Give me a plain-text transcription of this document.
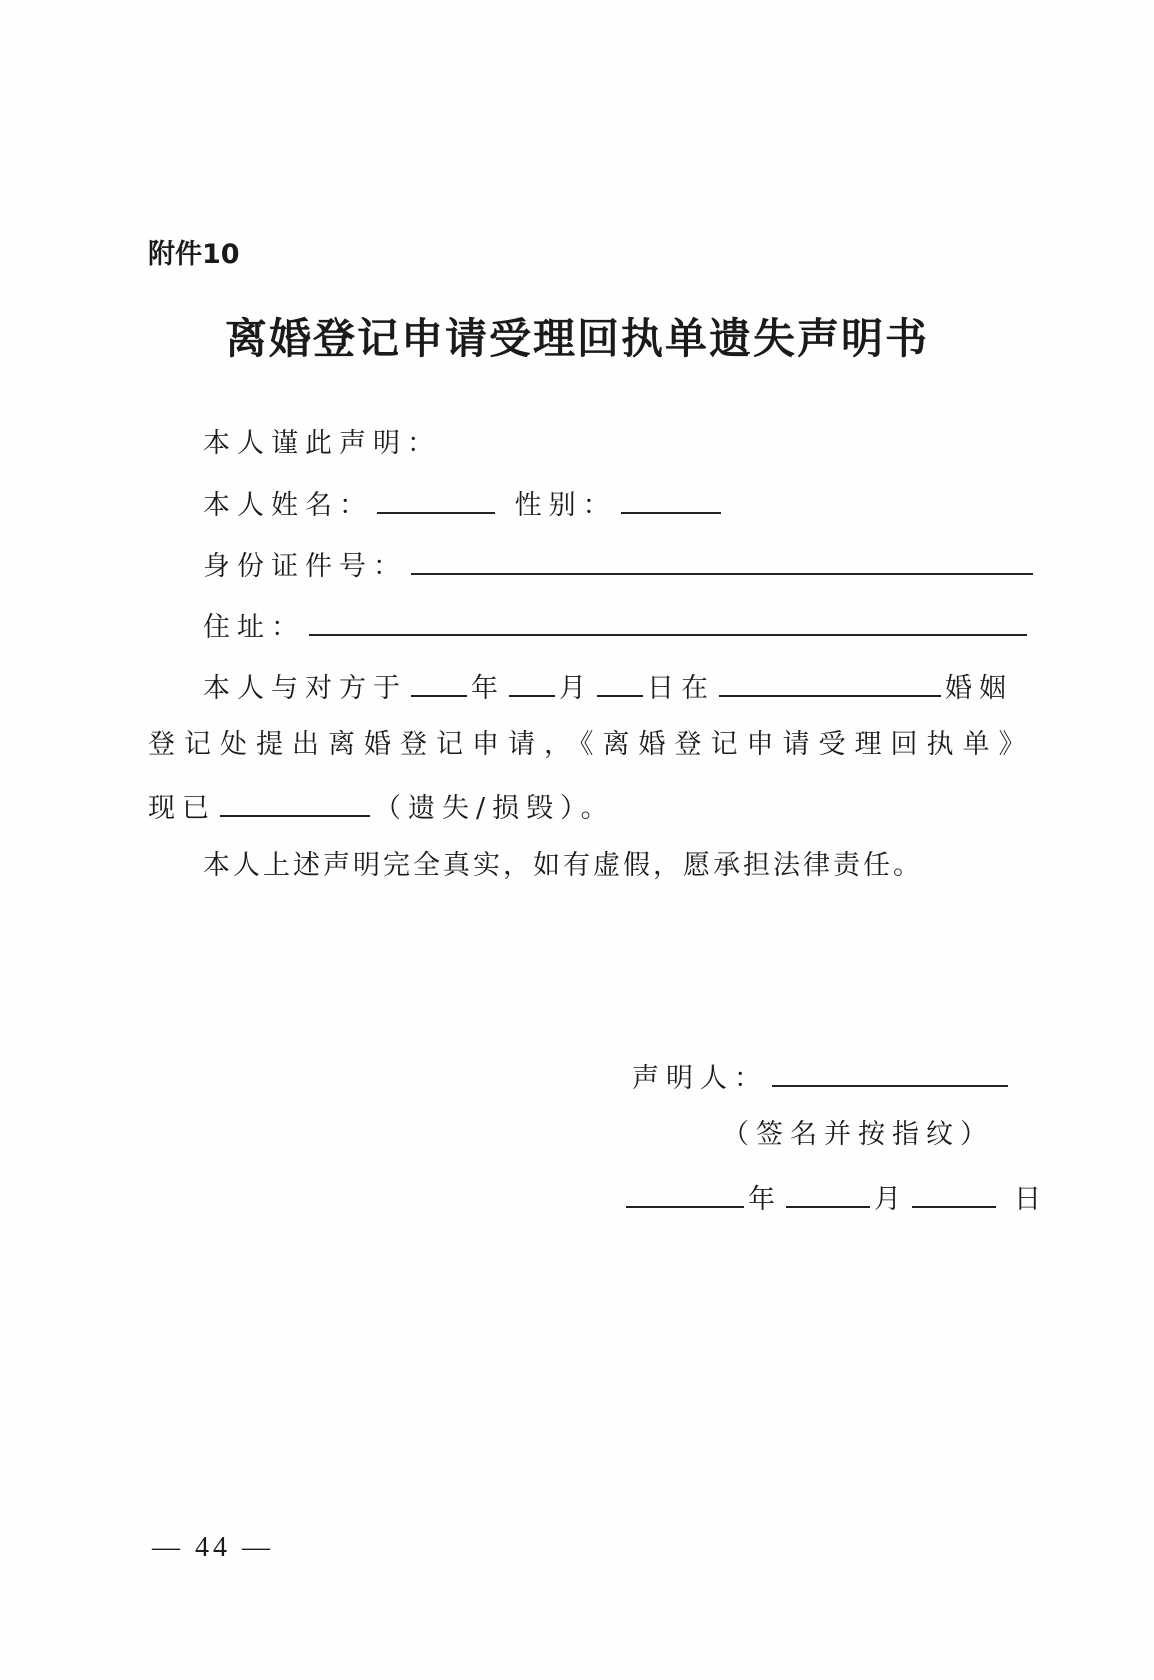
附件10
离婚登记申请受理回执单遗失声明书
本人谨此声明：
本人姓名：	性别：
身份证件号：
住址：
本人与对方于 年 月 日在	婚姻
登记处提出离婚登记申请，《离婚登记申请受理回执单》
现已	（遗失/损毁）。
本人上述声明完全真实，如有虚假，愿承担法律责任。
声明人：
（签名并按指纹）
年	月	日
— 44 —
